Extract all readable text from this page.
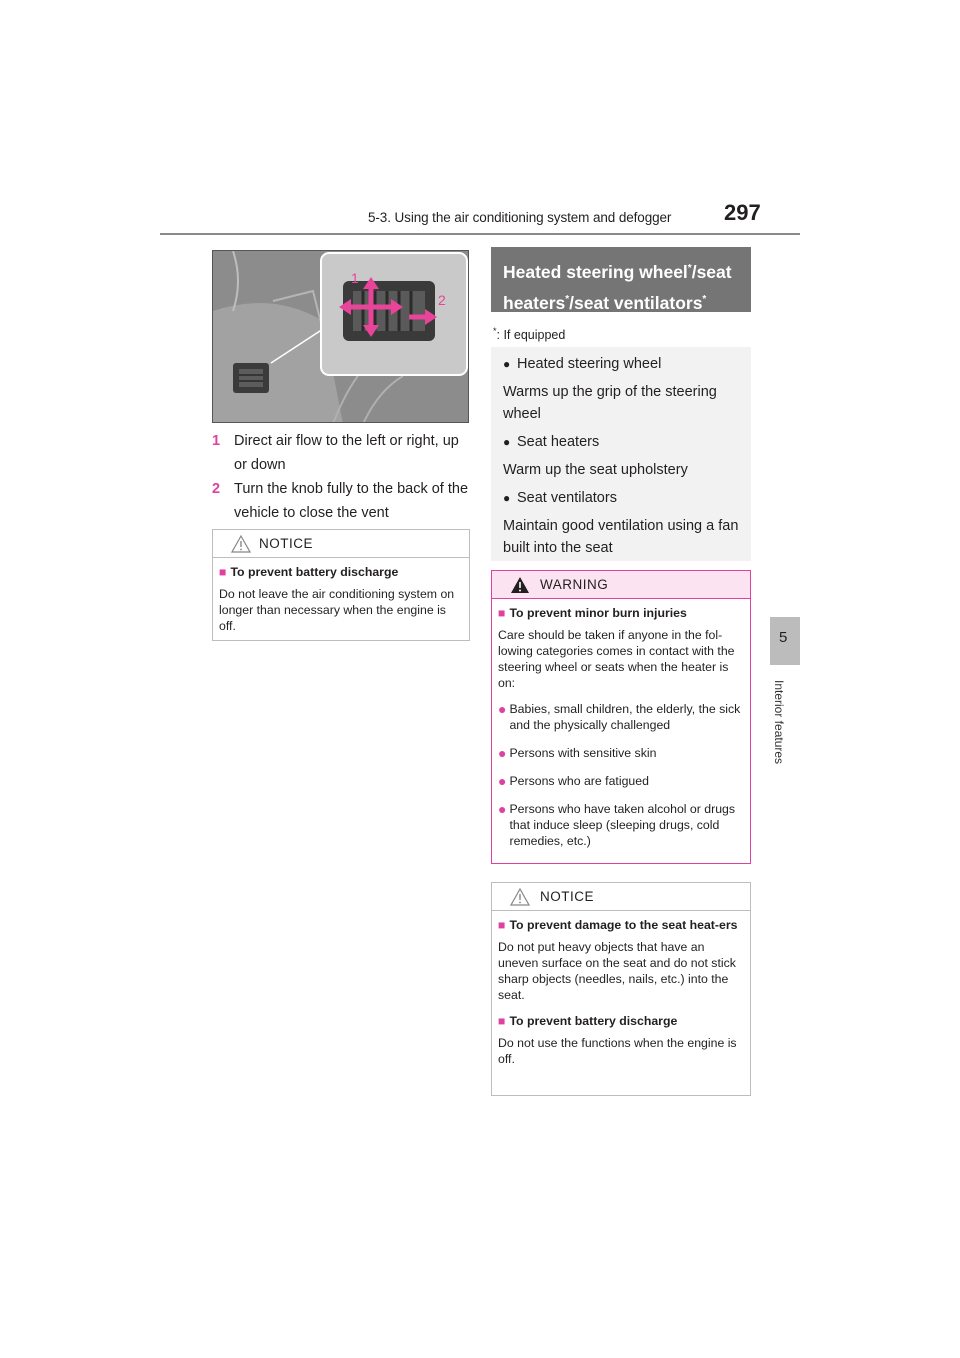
5-3. Using the air conditioning system and defogger 297
5
Interior features
1
2
1 Direct air flow to the left or right, up or down
2 Turn the knob fully to the back of the vehicle to close the vent
NOTICE
■ To prevent battery discharge

Do not leave the air conditioning system on longer than necessary when the engine is off.

Heated steering wheel*/seat heaters*/seat ventilators*
*: If equipped
● Heated steering wheel
Warms up the grip of the steering wheel
● Seat heaters
Warm up the seat upholstery
● Seat ventilators
Maintain good ventilation using a fan built into the seat
WARNING
■ To prevent minor burn injuries

Care should be taken if anyone in the fol-lowing categories comes in contact with the steering wheel or seats when the heater is on:

● Babies, small children, the elderly, the sick and the physically challenged
● Persons with sensitive skin
● Persons who are fatigued
● Persons who have taken alcohol or drugs that induce sleep (sleeping drugs, cold remedies, etc.)
NOTICE
■ To prevent damage to the seat heat-ers

Do not put heavy objects that have an uneven surface on the seat and do not stick sharp objects (needles, nails, etc.) into the seat.

■ To prevent battery discharge

Do not use the functions when the engine is off.
